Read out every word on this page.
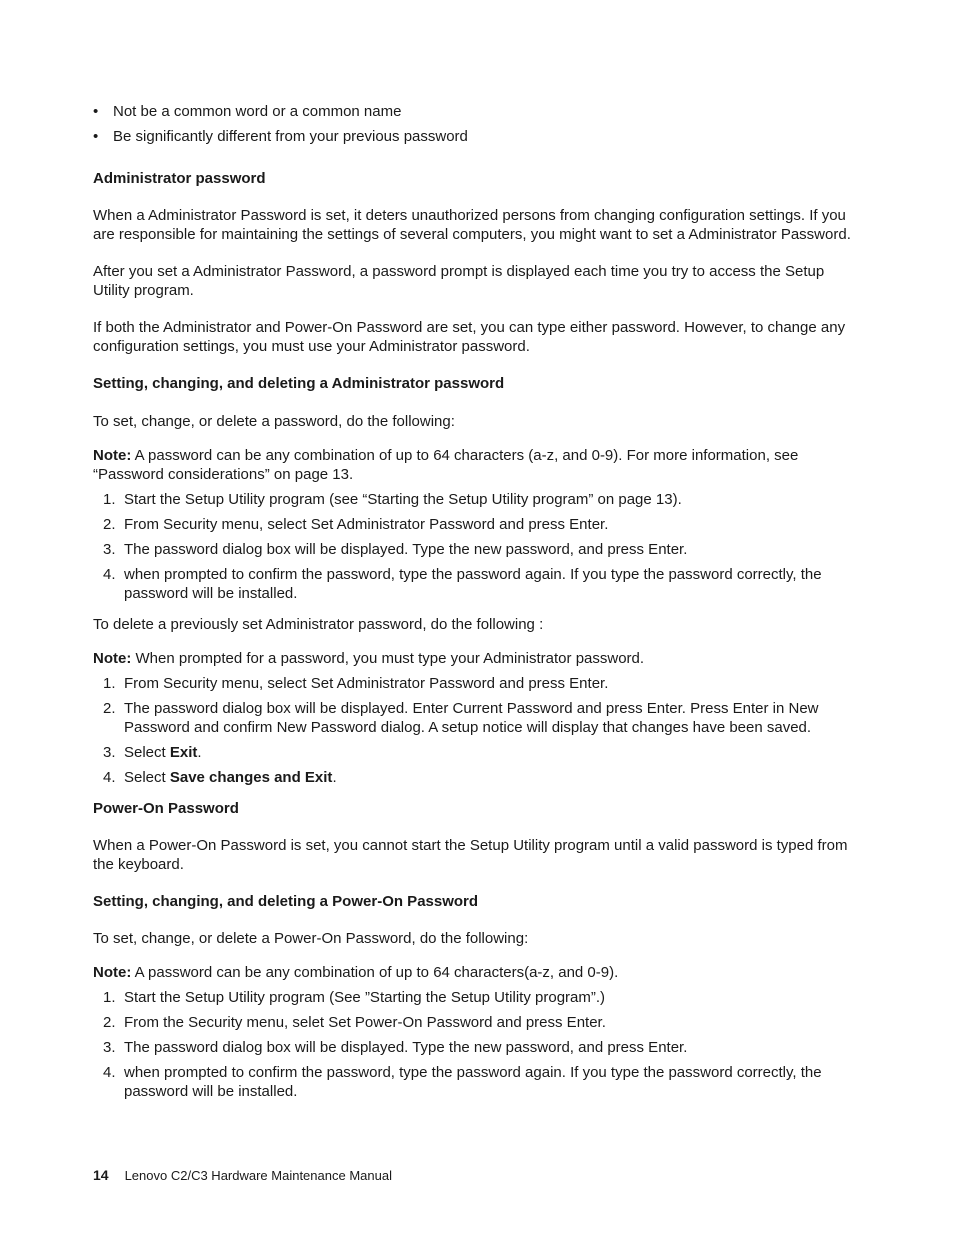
• Not be a common word or a common name
• Be significantly different from your previous password

Administrator password

When a Administrator Password is set, it deters unauthorized persons from changing configuration settings. If you are responsible for maintaining the settings of several computers, you might want to set a Administrator Password.

After you set a Administrator Password, a password prompt is displayed each time you try to access the Setup Utility program.

If both the Administrator and Power-On Password are set, you can type either password. However, to change any configuration settings, you must use your Administrator password.

Setting, changing, and deleting a Administrator password

To set, change, or delete a password, do the following:

Note: A password can be any combination of up to 64 characters (a-z, and 0-9). For more information, see “Password considerations” on page 13.

1. Start the Setup Utility program (see “Starting the Setup Utility program” on page 13).
2. From Security menu, select Set Administrator Password and press Enter.
3. The password dialog box will be displayed. Type the new password, and press Enter.
4. when prompted to confirm the password, type the password again. If you type the password correctly, the password will be installed.

To delete a previously set Administrator password, do the following :

Note: When prompted for a password, you must type your Administrator password.

1. From Security menu, select Set Administrator Password and press Enter.
2. The password dialog box will be displayed. Enter Current Password and press Enter. Press Enter in New Password and confirm New Password dialog. A setup notice will display that changes have been saved.
3. Select Exit.
4. Select Save changes and Exit.

Power-On Password

When a Power-On Password is set, you cannot start the Setup Utility program until a valid password is typed from the keyboard.

Setting, changing, and deleting a Power-On Password

To set, change, or delete a Power-On Password, do the following:

Note: A password can be any combination of up to 64 characters(a-z, and 0-9).

1. Start the Setup Utility program (See ”Starting the Setup Utility program”.)
2. From the Security menu, selet Set Power-On Password and press Enter.
3. The password dialog box will be displayed. Type the new password, and press Enter.
4. when prompted to confirm the password, type the password again. If you type the password correctly, the password will be installed.
14 Lenovo C2/C3 Hardware Maintenance Manual
